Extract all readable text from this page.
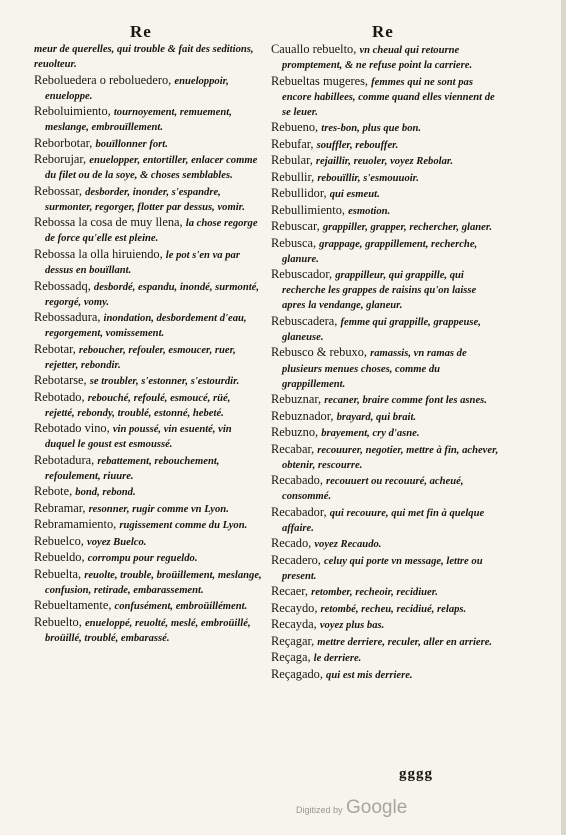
Re	Re

meur de querelles, qui trouble & fait des seditions, reuolteur.

Reboluedera o reboluedero, enueloppoir, enueloppe.

Reboluimiento, tournoyement, remuement, meslange, embrouïllement.

Reborbotar, bouïllonner fort.

Reborujar, enuelopper, entortiller, enlacer comme du filet ou de la soye, & choses semblables.

Rebossar, desborder, inonder, s'espandre, surmonter, regorger, flotter par dessus, vomir.

Rebossa la cosa de muy llena, la chose regorge de force qu'elle est pleine.

Rebossa la olla hiruiendo, le pot s'en va par dessus en bouïllant.

Rebossadq, desbordé, espandu, inondé, surmonté, regorgé, vomy.

Rebossadura, inondation, desbordement d'eau, regorgement, vomissement.

Rebotar, reboucher, refouler, esmoucer, ruer, rejetter, rebondir.

Rebotarse, se troubler, s'estonner, s'estourdir.

Rebotado, rebouché, refoulé, esmoucé, rüé, rejetté, rebondy, troublé, estonné, hebeté.

Rebotado vino, vin poussé, vin esuenté, vin duquel le goust est esmoussé.

Rebotadura, rebattement, rebouchement, refoulement, riuure.

Rebote, bond, rebond.

Rebramar, resonner, rugir comme vn Lyon.

Rebramamiento, rugissement comme du Lyon.

Rebuelco, voyez Buelco.

Rebueldo, corrompu pour regueldo.

Rebuelta, reuolte, trouble, broüillement, meslange, confusion, retirade, embarassement.

Rebueltamente, confusément, embroüillément.

Rebuelto, enueloppé, reuolté, meslé, embroüillé, broüillé, troublé, embarassé.

Cauallo rebuelto, vn cheual qui retourne promptement, & ne refuse point la carriere.

Rebueltas mugeres, femmes qui ne sont pas encore habillees, comme quand elles viennent de se leuer.

Rebueno, tres-bon, plus que bon.

Rebufar, souffler, rebouffer.

Rebular, rejaillir, reuoler, voyez Rebolar.

Rebullir, rebouïllir, s'esmouuoir.

Rebullidor, qui esmeut.

Rebullimiento, esmotion.

Rebuscar, grappiller, grapper, rechercher, glaner.

Rebusca, grappage, grappillement, recherche, glanure.

Rebuscador, grappilleur, qui grappille, qui recherche les grappes de raisins qu'on laisse apres la vendange, glaneur.

Rebuscadera, femme qui grappille, grappeuse, glaneuse.

Rebusco & rebuxo, ramassis, vn ramas de plusieurs menues choses, comme du grappillement.

Rebuznar, recaner, braire comme font les asnes.

Rebuznador, brayard, qui brait.

Rebuzno, brayement, cry d'asne.

Recabar, recouurer, negotier, mettre à fin, achever, obtenir, rescourre.

Recabado, recouuert ou recouuré, acheué, consommé.

Recabador, qui recouure, qui met fin à quelque affaire.

Recado, voyez Recaudo.

Recadero, celuy qui porte vn message, lettre ou present.

Recaer, retomber, recheoir, recidiuer.

Recaydo, retombé, recheu, recidiué, relaps.

Recayda, voyez plus bas.

Reçagar, mettre derriere, reculer, aller en arriere.

Reçaga, le derriere.

Reçagado, qui est mis derriere.

gggg
Digitized by Google
